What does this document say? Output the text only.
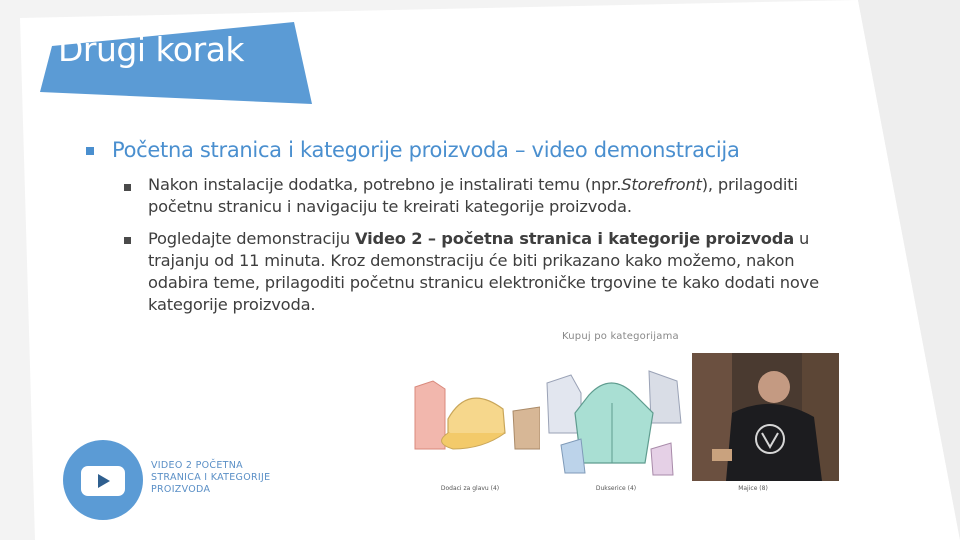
Drugi korak
Početna stranica i kategorije proizvoda – video demonstracija
Nakon instalacije dodatka, potrebno je instalirati temu (npr.Storefront), prilagoditi početnu stranicu i navigaciju te kreirati kategorije proizvoda.
Pogledajte demonstraciju Video 2 – početna stranica i kategorije proizvoda u trajanju od 11 minuta. Kroz demonstraciju će biti prikazano kako možemo, nakon odabira teme, prilagoditi početnu stranicu elektroničke trgovine te kako dodati nove kategorije proizvoda.
VIDEO 2 POČETNA
STRANICA I KATEGORIJE
PROIZVODA
Kupuj po kategorijama
Dodaci za glavu (4)	Dukserice (4)	Majice (8)
